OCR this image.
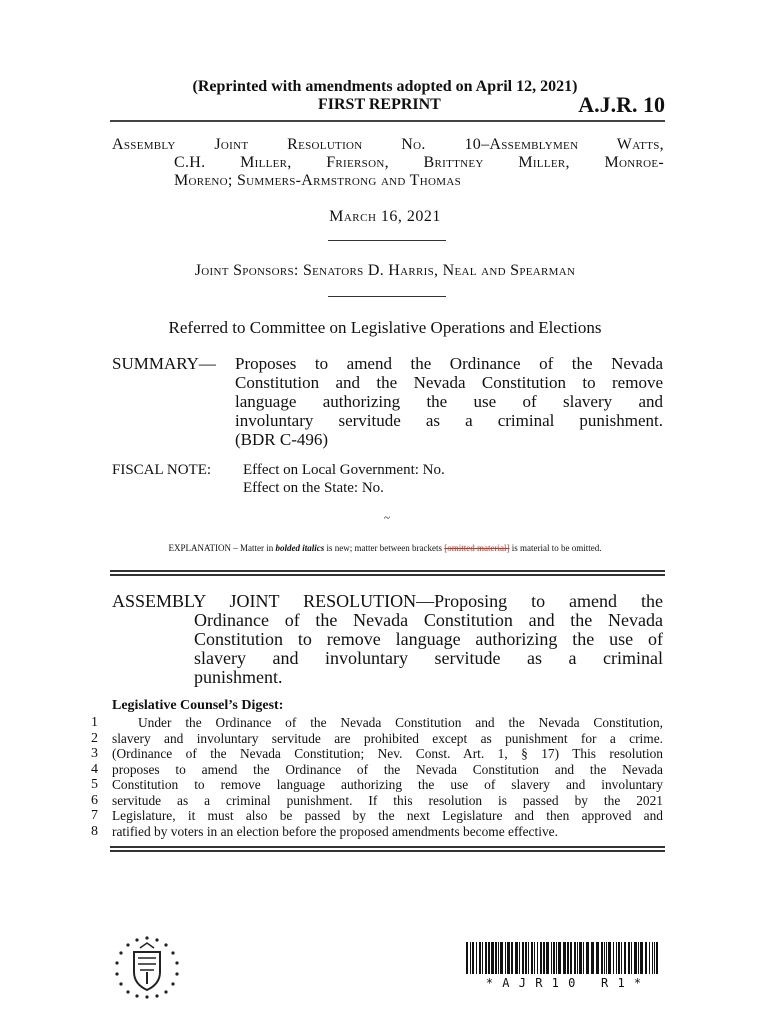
(Reprinted with amendments adopted on April 12, 2021)
FIRST REPRINT	A.J.R. 10
Assembly Joint Resolution No. 10–Assemblymen Watts,
C.H. Miller, Frierson, Brittney Miller, Monroe-
Moreno; Summers-Armstrong and Thomas
March 16, 2021
Joint Sponsors: Senators D. Harris, Neal and Spearman
Referred to Committee on Legislative Operations and Elections
SUMMARY— Proposes to amend the Ordinance of the Nevada
Constitution and the Nevada Constitution to remove
language authorizing the use of slavery and
involuntary servitude as a criminal punishment.
(BDR C-496)
FISCAL NOTE: Effect on Local Government: No.
Effect on the State: No.
~
EXPLANATION – Matter in bolded italics is new; matter between brackets [omitted material] is material to be omitted.
ASSEMBLY JOINT RESOLUTION—Proposing to amend the
Ordinance of the Nevada Constitution and the Nevada
Constitution to remove language authorizing the use of
slavery and involuntary servitude as a criminal
punishment.
Legislative Counsel’s Digest:
1
2
3
4
5
6
7
8
Under the Ordinance of the Nevada Constitution and the Nevada Constitution,
slavery and involuntary servitude are prohibited except as punishment for a crime.
(Ordinance of the Nevada Constitution; Nev. Const. Art. 1, § 17) This resolution
proposes to amend the Ordinance of the Nevada Constitution and the Nevada
Constitution to remove language authorizing the use of slavery and involuntary
servitude as a criminal punishment. If this resolution is passed by the 2021
Legislature, it must also be passed by the next Legislature and then approved and
ratified by voters in an election before the proposed amendments become effective.
* A J R 1 0   R 1 *
